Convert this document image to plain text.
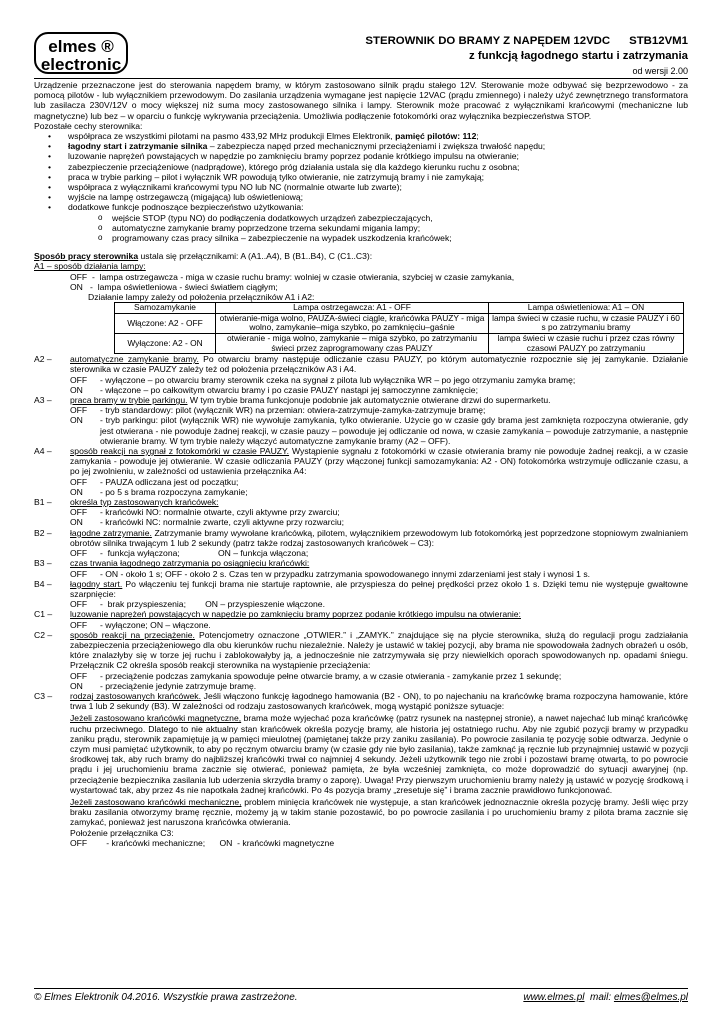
elmes ®
electronic
STEROWNIK DO BRAMY Z NAPĘDEM 12VDC      STB12VM1
z funkcją łagodnego startu i zatrzymania
od wersji 2.00

Urządzenie przeznaczone jest do sterowania napędem bramy, w którym zastosowano silnik prądu stałego 12V. Sterowanie może odbywać się bezprzewodowo - za pomocą pilotów - lub wyłącznikiem przewodowym. Do zasilania urządzenia wymagane jest napięcie 12VAC (prądu zmiennego) i należy użyć zewnętrznego transformatora lub zasilacza 230V/12V o mocy większej niż suma mocy zastosowanego silnika i lampy. Sterownik może pracować z wyłącznikami krańcowymi (mechaniczne lub magnetyczne) lub bez – w oparciu o funkcję wykrywania przeciążenia. Umożliwia podłączenie fotokomórki oraz wyłącznika bezpieczeństwa STOP.

Pozostałe cechy sterownika:

• współpraca ze wszystkimi pilotami na pasmo 433,92 MHz produkcji Elmes Elektronik, pamięć pilotów: 112;
• łagodny start i zatrzymanie silnika – zabezpiecza napęd przed mechanicznymi przeciążeniami i zwiększa trwałość napędu;
• luzowanie naprężeń powstających w napędzie po zamknięciu bramy poprzez podanie krótkiego impulsu na otwieranie;
• zabezpieczenie przeciążeniowe (nadprądowe), którego próg działania ustala się dla każdego kierunku ruchu z osobna;
• praca w trybie parking – pilot i wyłącznik WR powodują tylko otwieranie, nie zatrzymują bramy i nie zamykają;
• współpraca z wyłącznikami krańcowymi typu NO lub NC (normalnie otwarte lub zwarte);
• wyjście na lampę ostrzegawczą (migającą) lub oświetleniową;
• dodatkowe funkcje podnoszące bezpieczeństwo użytkowania:
o wejście STOP (typu NO) do podłączenia dodatkowych urządzeń zabezpieczających,
o automatyczne zamykanie bramy poprzedzone trzema sekundami migania lampy;
o programowany czas pracy silnika – zabezpieczenie na wypadek uszkodzenia krańcówek;

Sposób pracy sterownika ustala się przełącznikami: A (A1..A4), B (B1..B4), C (C1..C3):

A1 – sposób działania lampy:

OFF  -  lampa ostrzegawcza - miga w czasie ruchu bramy: wolniej w czasie otwierania, szybciej w czasie zamykania,

ON   -  lampa oświetleniowa - świeci światłem ciągłym;

Działanie lampy zależy od położenia przełączników A1 i A2:

Samozamykanie	Lampa ostrzegawcza: A1 - OFF	Lampa oświetleniowa: A1 – ON
Włączone: A2 - OFF	otwieranie-miga wolno, PAUZA-świeci ciągle, krańcówka PAUZY - miga wolno, zamykanie–miga szybko, po zamknięciu–gaśnie	lampa świeci w czasie ruchu, w czasie PAUZY i 60 s po zatrzymaniu bramy
Wyłączone: A2 - ON	otwieranie - miga wolno, zamykanie – miga szybko, po zatrzymaniu świeci przez zaprogramowany czas PAUZY	lampa świeci w czasie ruchu i przez czas równy czasowi PAUZY po zatrzymaniu
A2 –	automatyczne zamykanie bramy. Po otwarciu bramy następuje odliczanie czasu PAUZY, po którym automatycznie rozpocznie się jej zamykanie. Działanie sterownika w czasie PAUZY zależy też od położenia przełączników A3 i A4.
OFF	- wyłączone – po otwarciu bramy sterownik czeka na sygnał z pilota lub wyłącznika WR – po jego otrzymaniu zamyka bramę;
ON	- włączone – po całkowitym otwarciu bramy i po czasie PAUZY nastąpi jej samoczynne zamknięcie;
A3 –	praca bramy w trybie parkingu. W tym trybie brama funkcjonuje podobnie jak automatycznie otwierane drzwi do supermarketu.
OFF	- tryb standardowy: pilot (wyłącznik WR) na przemian: otwiera-zatrzymuje-zamyka-zatrzymuje bramę;
ON	- tryb parkingu: pilot (wyłącznik WR) nie wywołuje zamykania, tylko otwieranie. Użycie go w czasie gdy brama jest zamknięta rozpoczyna otwieranie, gdy jest otwierana - nie powoduje żadnej reakcji, w czasie pauzy – powoduje jej odliczanie od nowa, w czasie zamykania – powoduje zatrzymanie, a następnie otwieranie bramy. W tym trybie należy włączyć automatyczne zamykanie bramy (A2 – OFF).
A4 –	sposób reakcji na sygnał z fotokomórki w czasie PAUZY. Wystąpienie sygnału z fotokomórki w czasie otwierania bramy nie powoduje żadnej reakcji, a w czasie zamykania - powoduje jej otwieranie. W czasie odliczania PAUZY (przy włączonej funkcji samozamykania: A2 - ON) fotokomórka wstrzymuje odliczanie czasu, a po jej zwolnieniu, w zależności od ustawienia przełącznika A4:
OFF	- PAUZA odliczana jest od początku;
ON	- po 5 s brama rozpoczyna zamykanie;
B1 –	określa typ zastosowanych krańcówek:
OFF	- krańcówki NO: normalnie otwarte, czyli aktywne przy zwarciu;
ON	- krańcówki NC: normalnie zwarte, czyli aktywne przy rozwarciu;
B2 –	łagodne zatrzymanie. Zatrzymanie bramy wywołane krańcówką, pilotem, wyłącznikiem przewodowym lub fotokomórką jest poprzedzone stopniowym zwalnianiem obrotów silnika trwającym 1 lub 2 sekundy (patrz także rodzaj zastosowanych krańcówek – C3):
OFF	-  funkcja wyłączona;                ON – funkcja włączona;
B3 –	czas trwania łagodnego zatrzymania po osiągnięciu krańcówki:
OFF	- ON - około 1 s; OFF - około 2 s. Czas ten w przypadku zatrzymania spowodowanego innymi zdarzeniami jest stały i wynosi 1 s.
B4 –	łagodny start. Po włączeniu tej funkcji brama nie startuje raptownie, ale przyspiesza do pełnej prędkości przez około 1 s. Dzięki temu nie występuje gwałtowne szarpnięcie:
OFF	-  brak przyspieszenia;        ON – przyspieszenie włączone.
C1 –	luzowanie naprężeń powstających w napędzie po zamknięciu bramy poprzez podanie krótkiego impulsu na otwieranie:
OFF	- wyłączone; ON – włączone.
C2 –	sposób reakcji na przeciążenie. Potencjometry oznaczone „OTWIER.” i „ZAMYK.” znajdujące się na płycie sterownika, służą do regulacji progu zadziałania zabezpieczenia przeciążeniowego dla obu kierunków ruchu niezależnie. Należy je ustawić w takiej pozycji, aby brama nie spowodowała żadnych obrażeń u osób, które znalazłyby się w torze jej ruchu i zablokowałyby ją, a jednocześnie nie zatrzymywała się przy niewielkich oporach spowodowanych np. opadami śniegu. Przełącznik C2 określa sposób reakcji sterownika na wystąpienie przeciążenia:
OFF	- przeciążenie podczas zamykania spowoduje pełne otwarcie bramy, a w czasie otwierania - zamykanie przez 1 sekundę;
ON	- przeciążenie jedynie zatrzymuje bramę.
C3 –	rodzaj zastosowanych krańcówek. Jeśli włączono funkcję łagodnego hamowania (B2 - ON), to po najechaniu na krańcówkę brama rozpoczyna hamowanie, które trwa 1 lub 2 sekundy (B3). W zależności od rodzaju zastosowanych krańcówek, mogą wystąpić poniższe sytuacje:

Jeżeli zastosowano krańcówki magnetyczne, brama może wyjechać poza krańcówkę (patrz rysunek na następnej stronie), a nawet najechać lub minąć krańcówkę ruchu przeciwnego. Dlatego to nie aktualny stan krańcówek określa pozycję bramy, ale historia jej ostatniego ruchu. Aby nie zgubić pozycji bramy w przypadku zaniku prądu, sterownik zapamiętuje ją w pamięci mieulotnej (pamiętanej także przy zaniku zasilania). Po powrocie zasilania tę pozycję sobie odtwarza. Jedynie o czym musi pamiętać użytkownik, to aby po ręcznym otwarciu bramy (w czasie gdy nie było zasilania), także zamknąć ją ręcznie lub przynajmniej ustawić w pozycji środkowej tak, aby ruch bramy do najbliższej krańcówki trwał co najmniej 4 sekundy. Jeżeli użytkownik tego nie zrobi i pozostawi bramę otwartą, to po powrocie prądu i jej uruchomieniu brama zacznie się otwierać, ponieważ pamięta, że była wcześniej zamknięta, co może doprowadzić do sytuacji awaryjnej (np. przeciążenie bezpiecznika zasilania lub uderzenia skrzydła bramy o zaporę). Uwaga! Przy pierwszym uruchomieniu bramy należy ją ustawić w pozycję środkową i wystartować tak, aby przez 4s nie napotkała żadnej krańcówki. Po 4s pozycja bramy „zresetuje się” i brama zacznie prawidłowo funkcjonować.

Jeżeli zastosowano krańcówki mechaniczne, problem minięcia krańcówek nie występuje, a stan krańcówek jednoznacznie określa pozycję bramy. Jeśli więc przy braku zasilania otworzymy bramę ręcznie, możemy ją w takim stanie pozostawić, bo po powrocie zasilania i po uruchomieniu bramy z pilota brama zacznie się zamykać, ponieważ jest naruszona krańcówka otwierania.

Położenie przełącznika C3:

OFF        - krańcówki mechaniczne;      ON  - krańcówki magnetyczne

© Elmes Elektronik 04.2016. Wszystkie prawa zastrzeżone.	www.elmes.pl  mail: elmes@elmes.pl
